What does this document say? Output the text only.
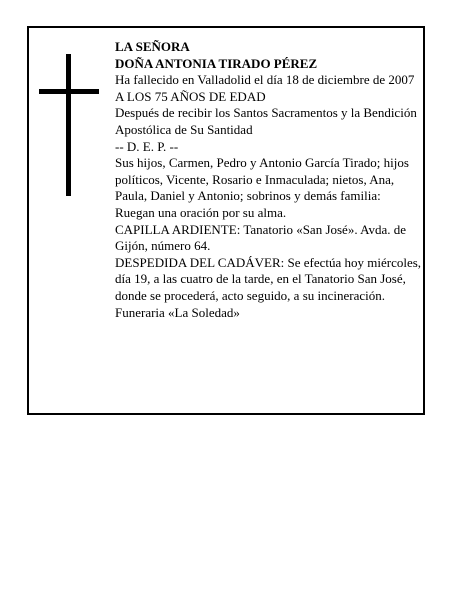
LA SEÑORA

DOÑA ANTONIA TIRADO PÉREZ

Ha fallecido en Valladolid el día 18 de diciembre de 2007

A LOS 75 AÑOS DE EDAD

Después de recibir los Santos Sacramentos y la Bendición Apostólica de Su Santidad

-- D. E. P. --

Sus hijos, Carmen, Pedro y Antonio García Tirado; hijos políticos, Vicente, Rosario e Inmaculada; nietos, Ana, Paula, Daniel y Antonio; sobrinos y demás familia:

Ruegan una oración por su alma.

CAPILLA ARDIENTE: Tanatorio «San José». Avda. de Gijón, número 64.

DESPEDIDA DEL CADÁVER: Se efectúa hoy miércoles, día 19, a las cuatro de la tarde, en el Tanatorio San José, donde se procederá, acto seguido, a su incineración.

Funeraria «La Soledad»
